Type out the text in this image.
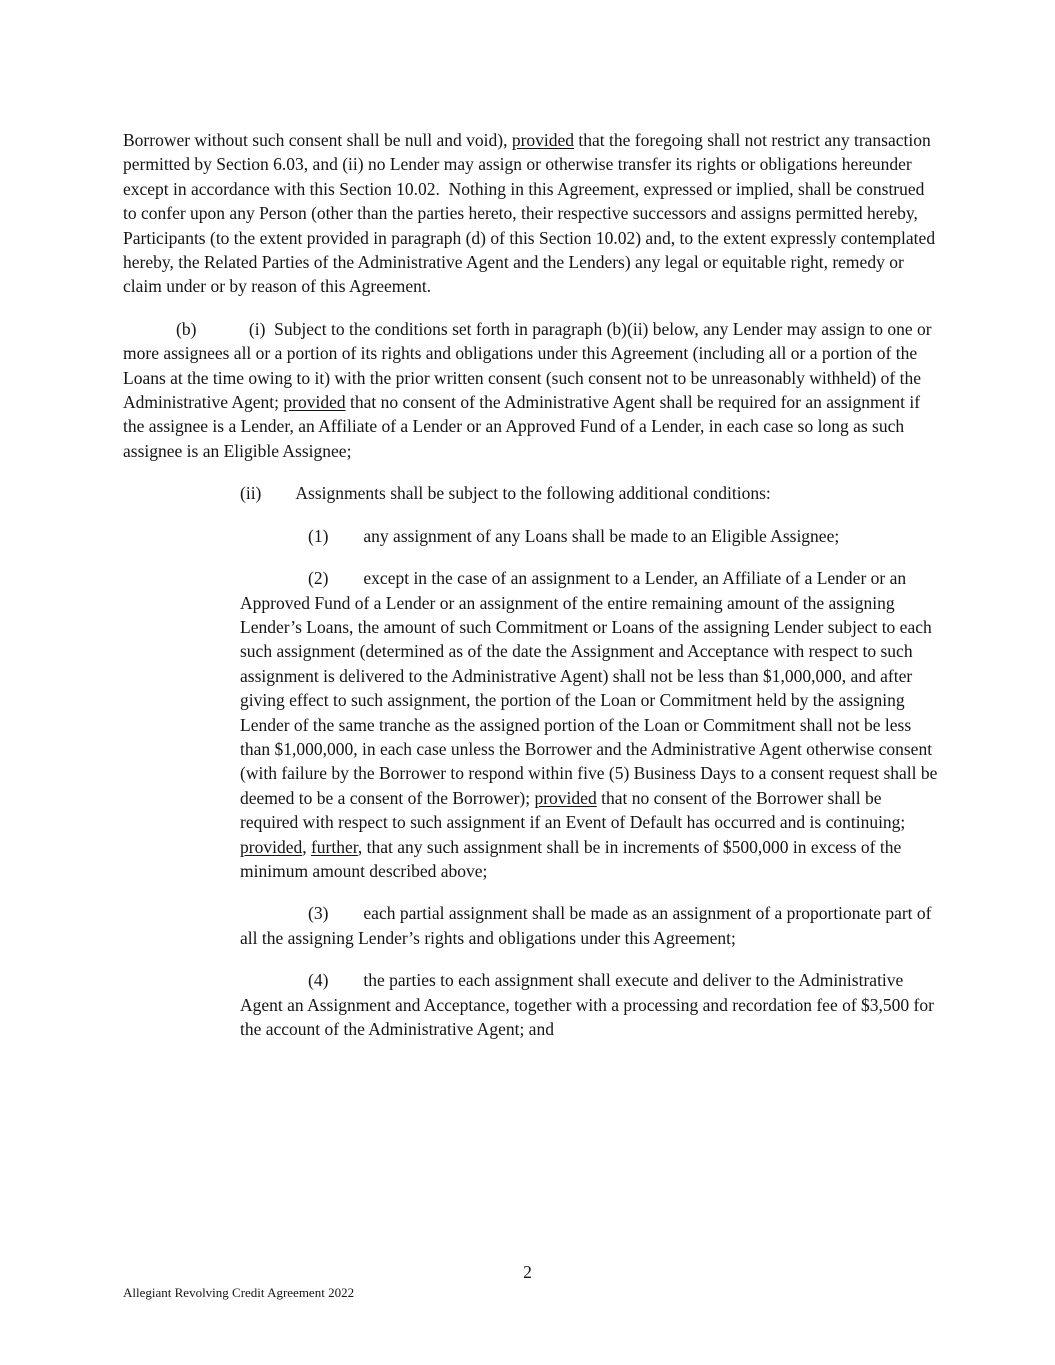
Borrower without such consent shall be null and void), provided that the foregoing shall not restrict any transaction permitted by Section 6.03, and (ii) no Lender may assign or otherwise transfer its rights or obligations hereunder except in accordance with this Section 10.02.  Nothing in this Agreement, expressed or implied, shall be construed to confer upon any Person (other than the parties hereto, their respective successors and assigns permitted hereby, Participants (to the extent provided in paragraph (d) of this Section 10.02) and, to the extent expressly contemplated hereby, the Related Parties of the Administrative Agent and the Lenders) any legal or equitable right, remedy or claim under or by reason of this Agreement.

(b)            (i)  Subject to the conditions set forth in paragraph (b)(ii) below, any Lender may assign to one or more assignees all or a portion of its rights and obligations under this Agreement (including all or a portion of the Loans at the time owing to it) with the prior written consent (such consent not to be unreasonably withheld) of the Administrative Agent; provided that no consent of the Administrative Agent shall be required for an assignment if the assignee is a Lender, an Affiliate of a Lender or an Approved Fund of a Lender, in each case so long as such assignee is an Eligible Assignee;

(ii)        Assignments shall be subject to the following additional conditions:

(1)        any assignment of any Loans shall be made to an Eligible Assignee;

(2)        except in the case of an assignment to a Lender, an Affiliate of a Lender or an Approved Fund of a Lender or an assignment of the entire remaining amount of the assigning Lender’s Loans, the amount of such Commitment or Loans of the assigning Lender subject to each such assignment (determined as of the date the Assignment and Acceptance with respect to such assignment is delivered to the Administrative Agent) shall not be less than $1,000,000, and after giving effect to such assignment, the portion of the Loan or Commitment held by the assigning Lender of the same tranche as the assigned portion of the Loan or Commitment shall not be less than $1,000,000, in each case unless the Borrower and the Administrative Agent otherwise consent (with failure by the Borrower to respond within five (5) Business Days to a consent request shall be deemed to be a consent of the Borrower); provided that no consent of the Borrower shall be required with respect to such assignment if an Event of Default has occurred and is continuing; provided, further, that any such assignment shall be in increments of $500,000 in excess of the minimum amount described above;

(3)        each partial assignment shall be made as an assignment of a proportionate part of all the assigning Lender’s rights and obligations under this Agreement;

(4)        the parties to each assignment shall execute and deliver to the Administrative Agent an Assignment and Acceptance, together with a processing and recordation fee of $3,500 for the account of the Administrative Agent; and

2
Allegiant Revolving Credit Agreement 2022
